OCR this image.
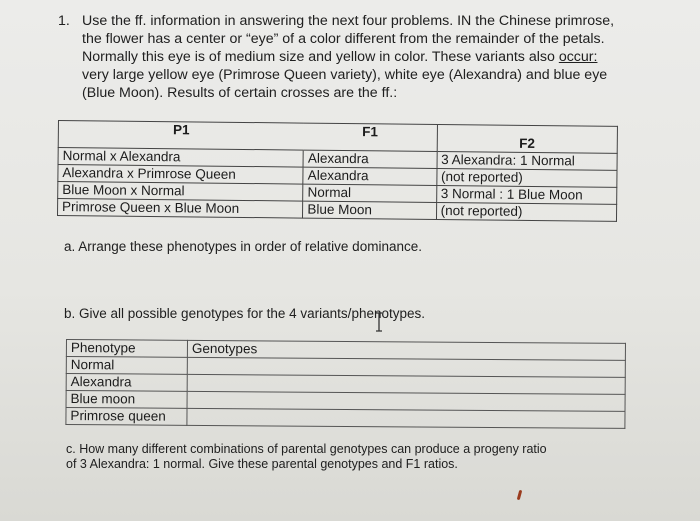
1. Use the ff. information in answering the next four problems. IN the Chinese primrose,
the flower has a center or “eye” of a color different from the remainder of the petals.
Normally this eye is of medium size and yellow in color. These variants also occur:
very large yellow eye (Primrose Queen variety), white eye (Alexandra) and blue eye
(Blue Moon). Results of certain crosses are the ff.:
P1	F1	F2
Normal x Alexandra	Alexandra	3 Alexandra: 1 Normal
Alexandra x Primrose Queen	Alexandra	(not reported)
Blue Moon x Normal	Normal	3 Normal : 1 Blue Moon
Primrose Queen x Blue Moon	Blue Moon	(not reported)
a. Arrange these phenotypes in order of relative dominance.
b. Give all possible genotypes for the 4 variants/phenotypes.
Phenotype	Genotypes
Normal	
Alexandra	
Blue moon	
Primrose queen	
c. How many different combinations of parental genotypes can produce a progeny ratio
of 3 Alexandra: 1 normal. Give these parental genotypes and F1 ratios.
